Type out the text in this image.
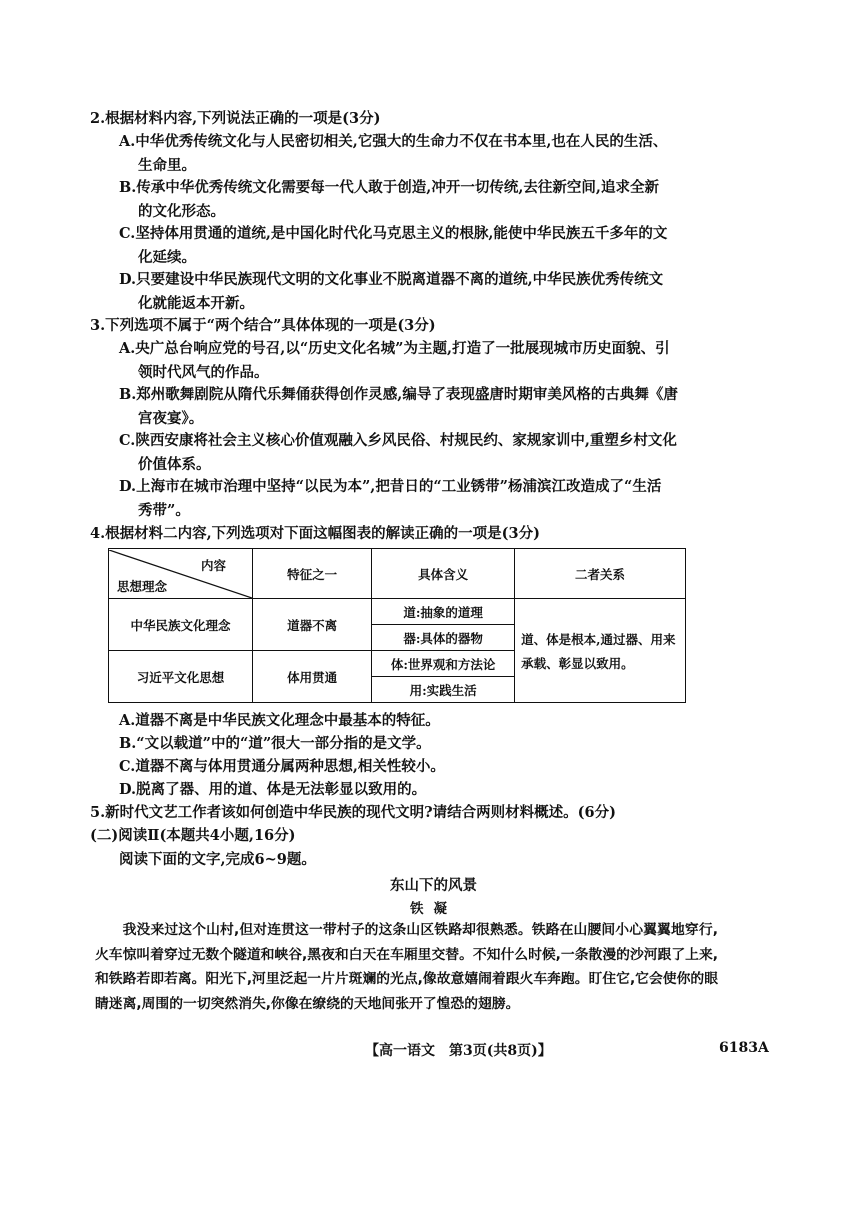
2.根据材料内容,下列说法正确的一项是(3分)
A.中华优秀传统文化与人民密切相关,它强大的生命力不仅在书本里,也在人民的生活、
生命里。
B.传承中华优秀传统文化需要每一代人敢于创造,冲开一切传统,去往新空间,追求全新
的文化形态。
C.坚持体用贯通的道统,是中国化时代化马克思主义的根脉,能使中华民族五千多年的文
化延续。
D.只要建设中华民族现代文明的文化事业不脱离道器不离的道统,中华民族优秀传统文
化就能返本开新。
3.下列选项不属于“两个结合”具体体现的一项是(3分)
A.央广总台响应党的号召,以“历史文化名城”为主题,打造了一批展现城市历史面貌、引
领时代风气的作品。
B.郑州歌舞剧院从隋代乐舞俑获得创作灵感,编导了表现盛唐时期审美风格的古典舞《唐
宫夜宴》。
C.陕西安康将社会主义核心价值观融入乡风民俗、村规民约、家规家训中,重塑乡村文化
价值体系。
D.上海市在城市治理中坚持“以民为本”,把昔日的“工业锈带”杨浦滨江改造成了“生活
秀带”。
4.根据材料二内容,下列选项对下面这幅图表的解读正确的一项是(3分)
内容
思想理念	特征之一	具体含义	二者关系
中华民族文化理念	道器不离	道:抽象的道理	道、体是根本,通过器、用来
承载、彰显以致用。

		器:具体的器物	
习近平文化思想	体用贯通	体:世界观和方法论	
		用:实践生活	
A.道器不离是中华民族文化理念中最基本的特征。
B.“文以载道”中的“道”很大一部分指的是文学。
C.道器不离与体用贯通分属两种思想,相关性较小。
D.脱离了器、用的道、体是无法彰显以致用的。
5.新时代文艺工作者该如何创造中华民族的现代文明?请结合两则材料概述。(6分)
(二)阅读Ⅱ(本题共4小题,16分)
阅读下面的文字,完成6~9题。
东山下的风景
铁凝
我没来过这个山村,但对连贯这一带村子的这条山区铁路却很熟悉。铁路在山腰间小心翼翼地穿行,火车惊叫着穿过无数个隧道和峡谷,黑夜和白天在车厢里交替。不知什么时候,一条散漫的沙河跟了上来,和铁路若即若离。阳光下,河里泛起一片片斑斓的光点,像故意嬉闹着跟火车奔跑。盯住它,它会使你的眼睛迷离,周围的一切突然消失,你像在缭绕的天地间张开了惶恐的翅膀。
【高一语文　第3页(共8页)】	6183A
